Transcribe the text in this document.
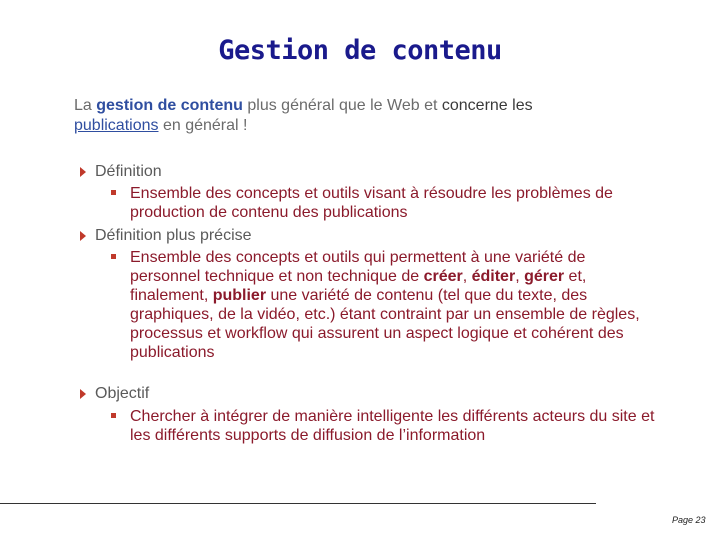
Gestion de contenu
La gestion de contenu plus général que le Web et concerne les
publications en général !
Définition
Ensemble des concepts et outils visant à résoudre les problèmes de production de contenu des publications
Définition plus précise
Ensemble des concepts et outils qui permettent à une variété de personnel technique et non technique de créer, éditer, gérer et, finalement, publier une variété de contenu (tel que du texte, des graphiques, de la vidéo, etc.) étant contraint par un ensemble de règles, processus et workflow qui assurent un aspect logique et cohérent des publications
Objectif
Chercher à intégrer de manière intelligente les différents acteurs du site et les différents supports de diffusion de l’information
Page 23
